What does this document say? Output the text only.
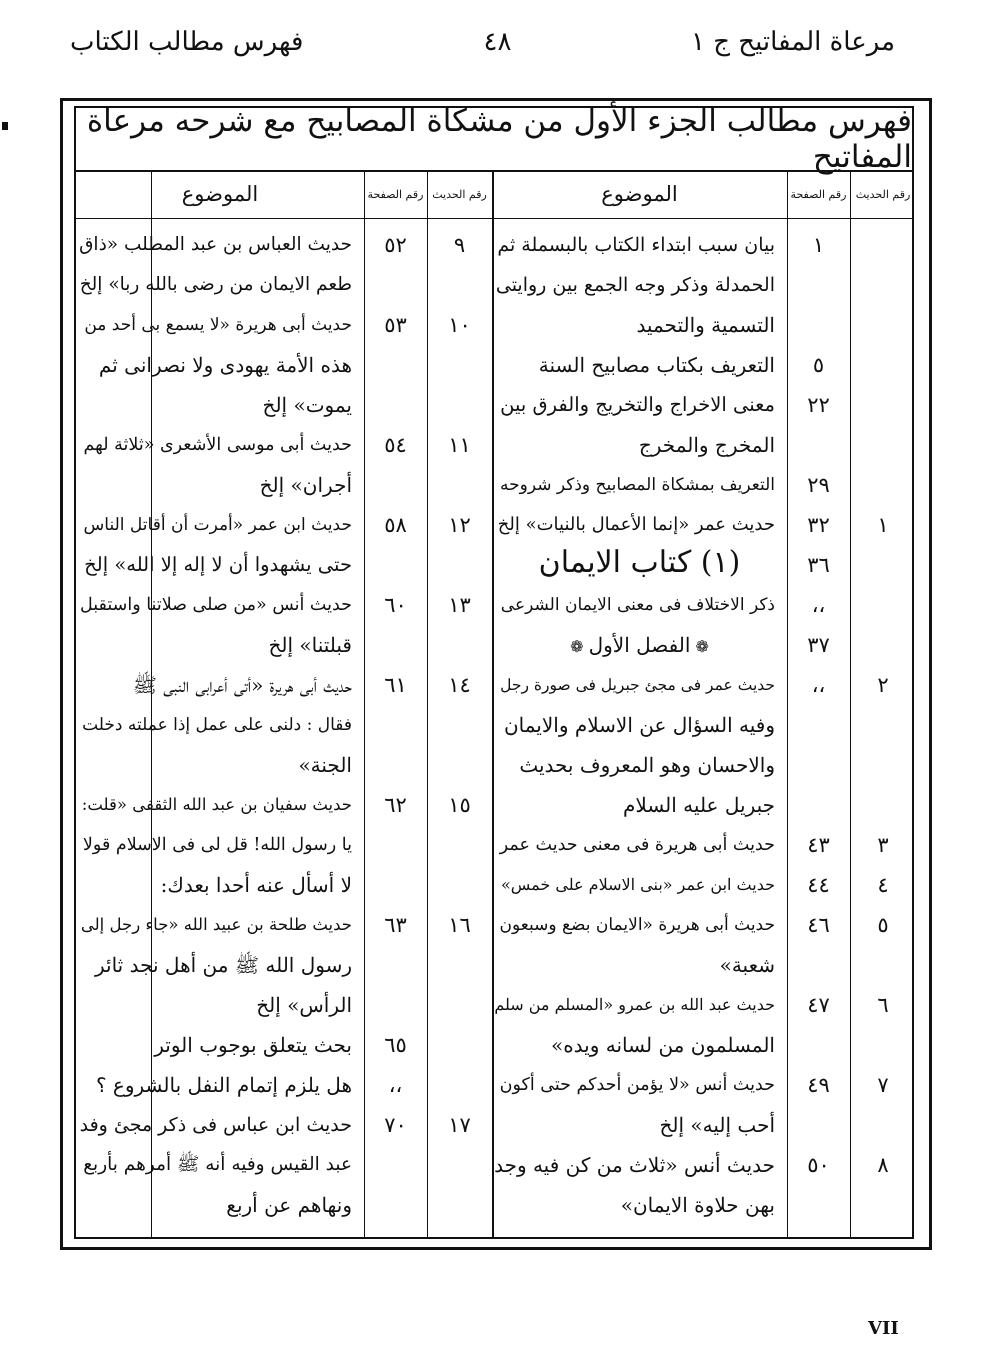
مرعاة المفاتيح ج ١
٤٨
فهرس مطالب الكتاب
فهرس مطالب الجزء الأول من مشكاة المصابيح مع شرحه مرعاة المفاتيح
رقم الحديث
رقم الصفحة
الموضوع
رقم الحديث
رقم الصفحة
الموضوع
١
بيان سبب ابتداء الكتاب بالبسملة ثم
الحمدلة وذكر وجه الجمع بين روايتى
التسمية والتحميد
٥
التعريف بكتاب مصابيح السنة
٢٢
معنى الاخراج والتخريج والفرق بين
المخرج والمخرج
٢٩
التعريف بمشكاة المصابيح وذكر شروحه
١
٣٢
حديث عمر «إنما الأعمال بالنيات» إلخ
٣٦
(١) كتاب الايمان
،،
ذكر الاختلاف فى معنى الايمان الشرعى
٣٧
❁ الفصل الأول ❁
٢
،،
حديث عمر فى مجئ جبريل فى صورة رجل
وفيه السؤال عن الاسلام والايمان
والاحسان وهو المعروف بحديث
جبريل عليه السلام
٣
٤٣
حديث أبى هريرة فى معنى حديث عمر
٤
٤٤
حديث ابن عمر «بنى الاسلام على خمس»
٥
٤٦
حديث أبى هريرة «الايمان بضع وسبعون
شعبة»
٦
٤٧
حديث عبد الله بن عمرو «المسلم من سلم
المسلمون من لسانه ويده»
٧
٤٩
حديث أنس «لا يؤمن أحدكم حتى أكون
أحب إليه» إلخ
٨
٥٠
حديث أنس «ثلاث من كن فيه وجد
بهن حلاوة الايمان»
٩
٥٢
حديث العباس بن عبد المطلب «ذاق
طعم الايمان من رضى بالله ربا» إلخ
١٠
٥٣
حديث أبى هريرة «لا يسمع بى أحد من
هذه الأمة يهودى ولا نصرانى ثم
يموت» إلخ
١١
٥٤
حديث أبى موسى الأشعرى «ثلاثة لهم
أجران» إلخ
١٢
٥٨
حديث ابن عمر «أمرت أن أقاتل الناس
حتى يشهدوا أن لا إله إلا الله» إلخ
١٣
٦٠
حديث أنس «من صلى صلاتنا واستقبل
قبلتنا» إلخ
١٤
٦١
حديث أبى هريرة «أتى أعرابى النبى ﷺ
فقال : دلنى على عمل إذا عملته دخلت
الجنة»
١٥
٦٢
حديث سفيان بن عبد الله الثقفى «قلت:
يا رسول الله! قل لى فى الاسلام قولا
لا أسأل عنه أحدا بعدك:
١٦
٦٣
حديث طلحة بن عبيد الله «جاء رجل إلى
رسول الله ﷺ من أهل نجد ثائر
الرأس» إلخ
٦٥
بحث يتعلق بوجوب الوتر
،،
هل يلزم إتمام النفل بالشروع ؟
١٧
٧٠
حديث ابن عباس فى ذكر مجئ وفد
عبد القيس وفيه أنه ﷺ أمرهم بأربع
ونهاهم عن أربع
VII
